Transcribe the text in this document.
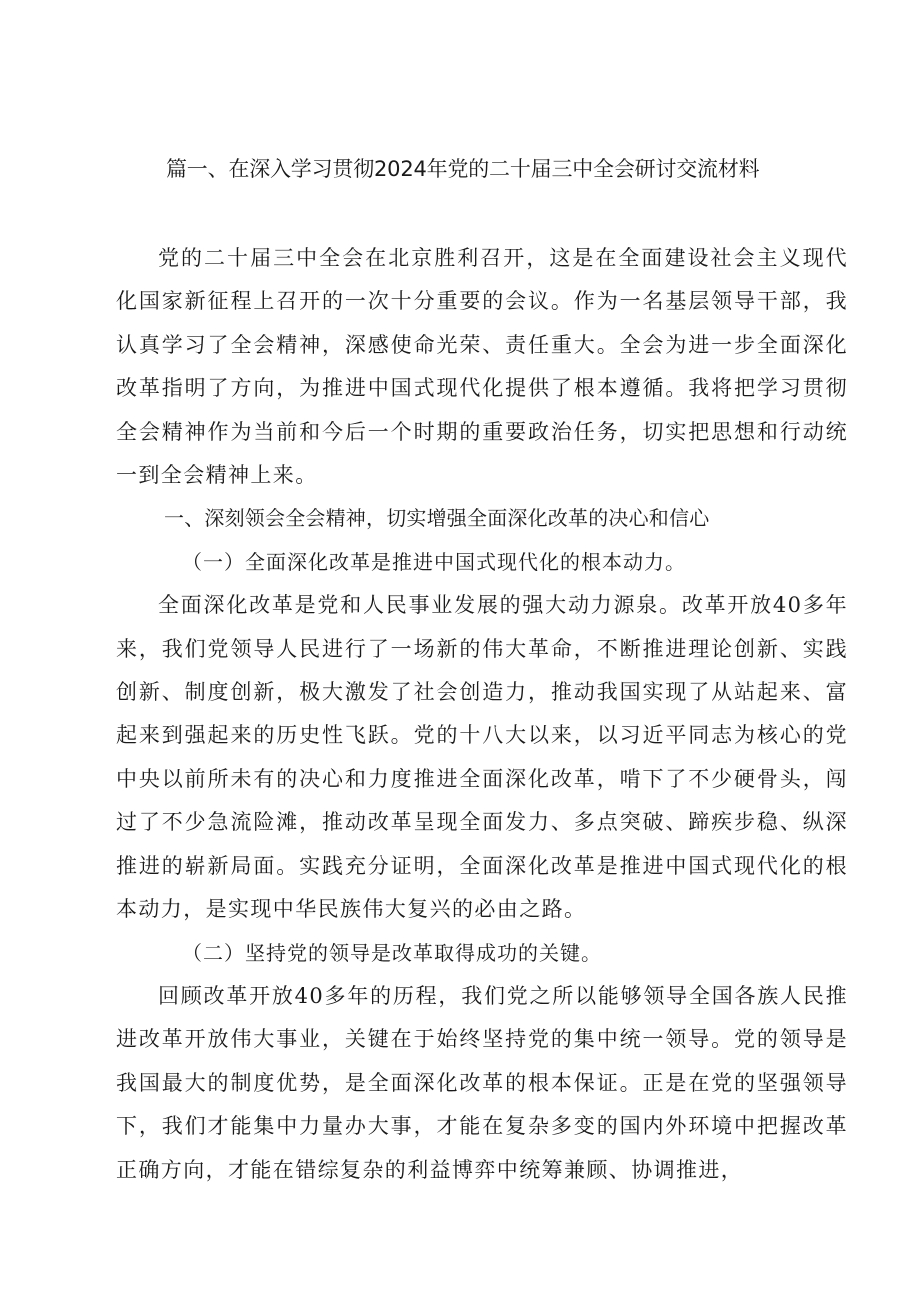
篇一、在深入学习贯彻2024年党的二十届三中全会研讨交流材料

党的二十届三中全会在北京胜利召开，这是在全面建设社会主义现代化国家新征程上召开的一次十分重要的会议。作为一名基层领导干部，我认真学习了全会精神，深感使命光荣、责任重大。全会为进一步全面深化改革指明了方向，为推进中国式现代化提供了根本遵循。我将把学习贯彻全会精神作为当前和今后一个时期的重要政治任务，切实把思想和行动统一到全会精神上来。

一、深刻领会全会精神，切实增强全面深化改革的决心和信心

（一）全面深化改革是推进中国式现代化的根本动力。

全面深化改革是党和人民事业发展的强大动力源泉。改革开放40多年来，我们党领导人民进行了一场新的伟大革命，不断推进理论创新、实践创新、制度创新，极大激发了社会创造力，推动我国实现了从站起来、富起来到强起来的历史性飞跃。党的十八大以来，以习近平同志为核心的党中央以前所未有的决心和力度推进全面深化改革，啃下了不少硬骨头，闯过了不少急流险滩，推动改革呈现全面发力、多点突破、蹄疾步稳、纵深推进的崭新局面。实践充分证明，全面深化改革是推进中国式现代化的根本动力，是实现中华民族伟大复兴的必由之路。

（二）坚持党的领导是改革取得成功的关键。

回顾改革开放40多年的历程，我们党之所以能够领导全国各族人民推进改革开放伟大事业，关键在于始终坚持党的集中统一领导。党的领导是我国最大的制度优势，是全面深化改革的根本保证。正是在党的坚强领导下，我们才能集中力量办大事，才能在复杂多变的国内外环境中把握改革正确方向，才能在错综复杂的利益博弈中统筹兼顾、协调推进，
